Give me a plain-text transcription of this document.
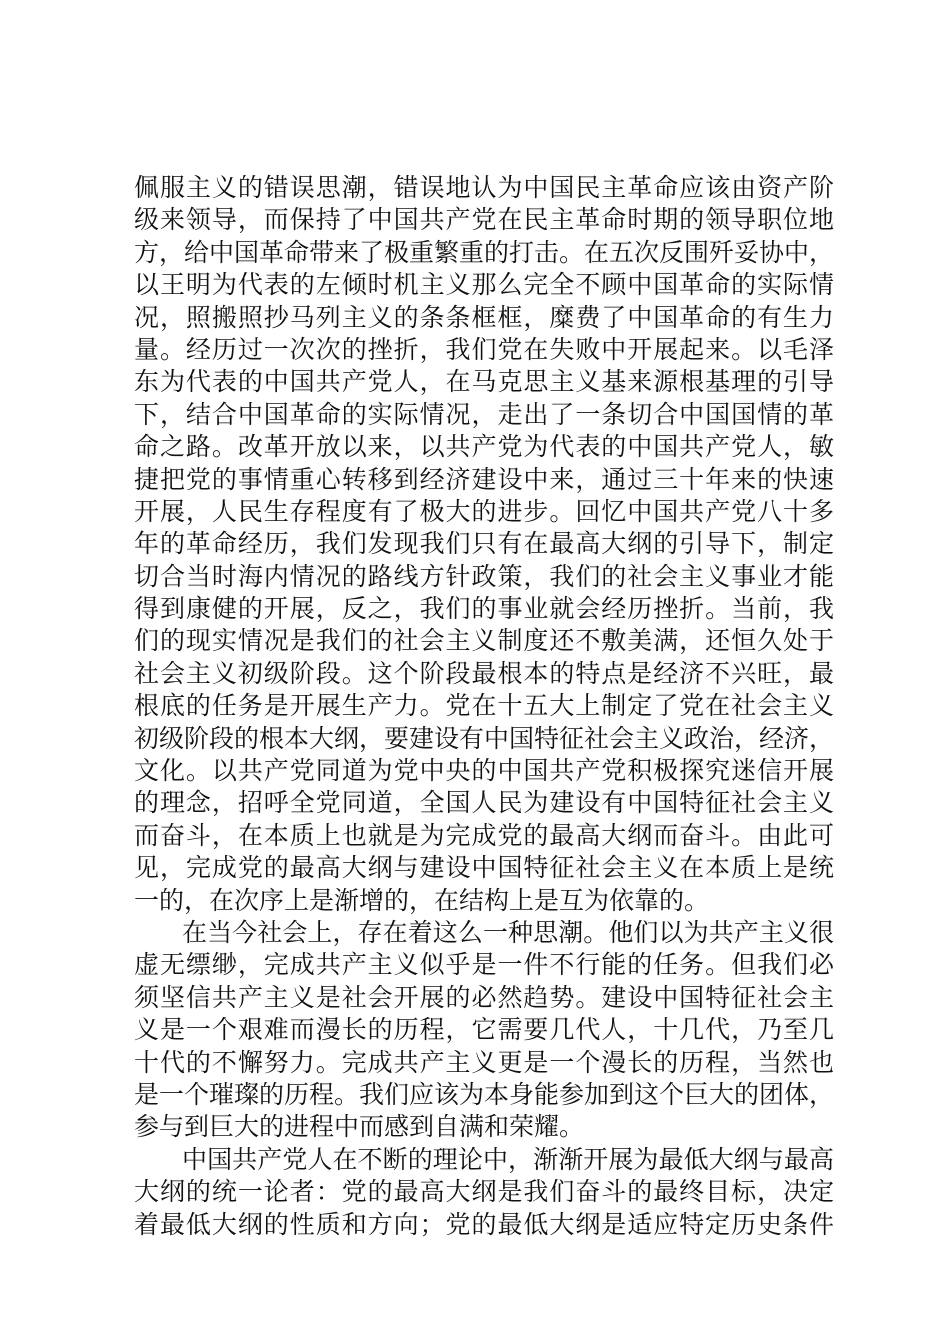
佩服主义的错误思潮，错误地认为中国民主革命应该由资产阶
级来领导，而保持了中国共产党在民主革命时期的领导职位地
方，给中国革命带来了极重繁重的打击。在五次反围歼妥协中，
以王明为代表的左倾时机主义那么完全不顾中国革命的实际情
况，照搬照抄马列主义的条条框框，糜费了中国革命的有生力
量。经历过一次次的挫折，我们党在失败中开展起来。以毛泽
东为代表的中国共产党人，在马克思主义基来源根基理的引导
下，结合中国革命的实际情况，走出了一条切合中国国情的革
命之路。改革开放以来，以共产党为代表的中国共产党人，敏
捷把党的事情重心转移到经济建设中来，通过三十年来的快速
开展，人民生存程度有了极大的进步。回忆中国共产党八十多
年的革命经历，我们发现我们只有在最高大纲的引导下，制定
切合当时海内情况的路线方针政策，我们的社会主义事业才能
得到康健的开展，反之，我们的事业就会经历挫折。当前，我
们的现实情况是我们的社会主义制度还不敷美满，还恒久处于
社会主义初级阶段。这个阶段最根本的特点是经济不兴旺，最
根底的任务是开展生产力。党在十五大上制定了党在社会主义
初级阶段的根本大纲，要建设有中国特征社会主义政治，经济，
文化。以共产党同道为党中央的中国共产党积极探究迷信开展
的理念，招呼全党同道，全国人民为建设有中国特征社会主义
而奋斗，在本质上也就是为完成党的最高大纲而奋斗。由此可
见，完成党的最高大纲与建设中国特征社会主义在本质上是统
一的，在次序上是渐增的，在结构上是互为依靠的。
在当今社会上，存在着这么一种思潮。他们以为共产主义很
虚无缥缈，完成共产主义似乎是一件不行能的任务。但我们必
须坚信共产主义是社会开展的必然趋势。建设中国特征社会主
义是一个艰难而漫长的历程，它需要几代人，十几代，乃至几
十代的不懈努力。完成共产主义更是一个漫长的历程，当然也
是一个璀璨的历程。我们应该为本身能参加到这个巨大的团体，
参与到巨大的进程中而感到自满和荣耀。
中国共产党人在不断的理论中，渐渐开展为最低大纲与最高
大纲的统一论者：党的最高大纲是我们奋斗的最终目标，决定
着最低大纲的性质和方向；党的最低大纲是适应特定历史条件
